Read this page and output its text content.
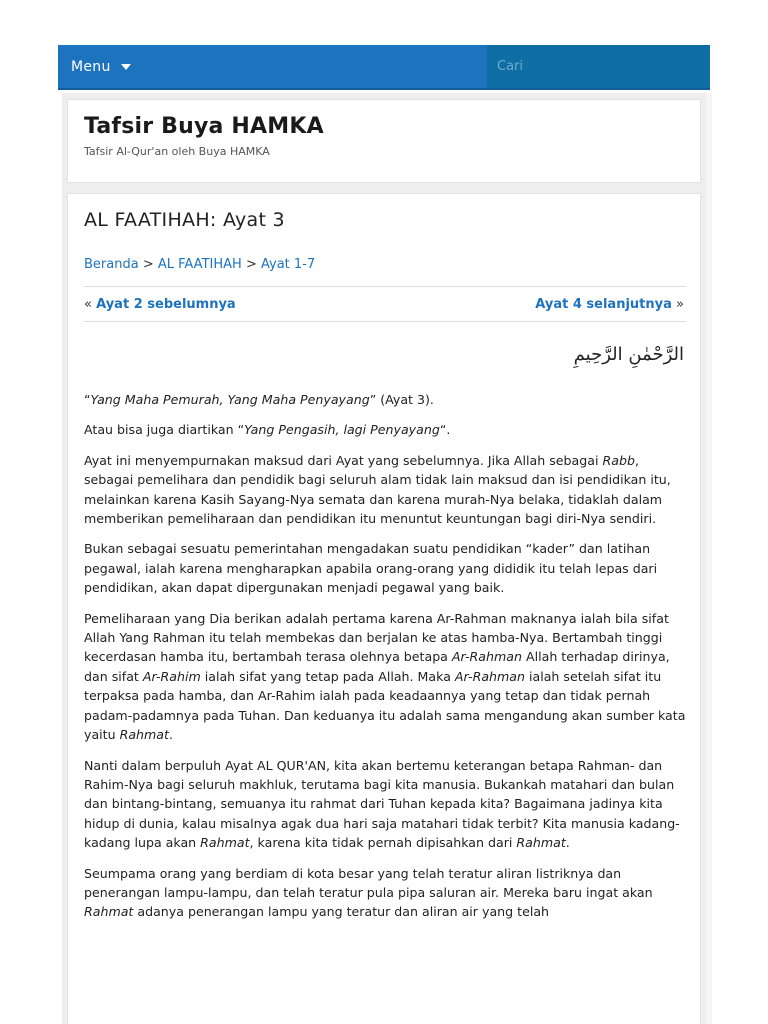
Menu
Cari
Tafsir Buya HAMKA
Tafsir Al-Qur'an oleh Buya HAMKA
AL FAATIHAH: Ayat 3
Beranda > AL FAATIHAH > Ayat 1-7
« Ayat 2 sebelumnya	Ayat 4 selanjutnya »
الرَّحْمٰنِ الرَّحِيمِ

“Yang Maha Pemurah, Yang Maha Penyayang” (Ayat 3).

Atau bisa juga diartikan “Yang Pengasih, lagi Penyayang“.

Ayat ini menyempurnakan maksud dari Ayat yang sebelumnya. Jika Allah sebagai Rabb, sebagai pemelihara dan pendidik bagi seluruh alam tidak lain maksud dan isi pendidikan itu, melainkan karena Kasih Sayang-Nya semata dan karena murah-Nya belaka, tidaklah dalam memberikan pemeliharaan dan pendidikan itu menuntut keuntungan bagi diri-Nya sendiri.

Bukan sebagai sesuatu pemerintahan mengadakan suatu pendidikan “kader” dan latihan pegawal, ialah karena mengharapkan apabila orang-orang yang dididik itu telah lepas dari pendidikan, akan dapat dipergunakan menjadi pegawal yang baik.

Pemeliharaan yang Dia berikan adalah pertama karena Ar-Rahman maknanya ialah bila sifat Allah Yang Rahman itu telah membekas dan berjalan ke atas hamba-Nya. Bertambah tinggi kecerdasan hamba itu, bertambah terasa olehnya betapa Ar-Rahman Allah terhadap dirinya, dan sifat Ar-Rahim ialah sifat yang tetap pada Allah. Maka Ar-Rahman ialah setelah sifat itu terpaksa pada hamba, dan Ar-Rahim ialah pada keadaannya yang tetap dan tidak pernah padam-padamnya pada Tuhan. Dan keduanya itu adalah sama mengandung akan sumber kata yaitu Rahmat.

Nanti dalam berpuluh Ayat AL QUR'AN, kita akan bertemu keterangan betapa Rahman- dan Rahim-Nya bagi seluruh makhluk, terutama bagi kita manusia. Bukankah matahari dan bulan dan bintang-bintang, semuanya itu rahmat dari Tuhan kepada kita? Bagaimana jadinya kita hidup di dunia, kalau misalnya agak dua hari saja matahari tidak terbit? Kita manusia kadang-kadang lupa akan Rahmat, karena kita tidak pernah dipisahkan dari Rahmat.

Seumpama orang yang berdiam di kota besar yang telah teratur aliran listriknya dan penerangan lampu-lampu, dan telah teratur pula pipa saluran air. Mereka baru ingat akan Rahmat adanya penerangan lampu yang teratur dan aliran air yang telah
